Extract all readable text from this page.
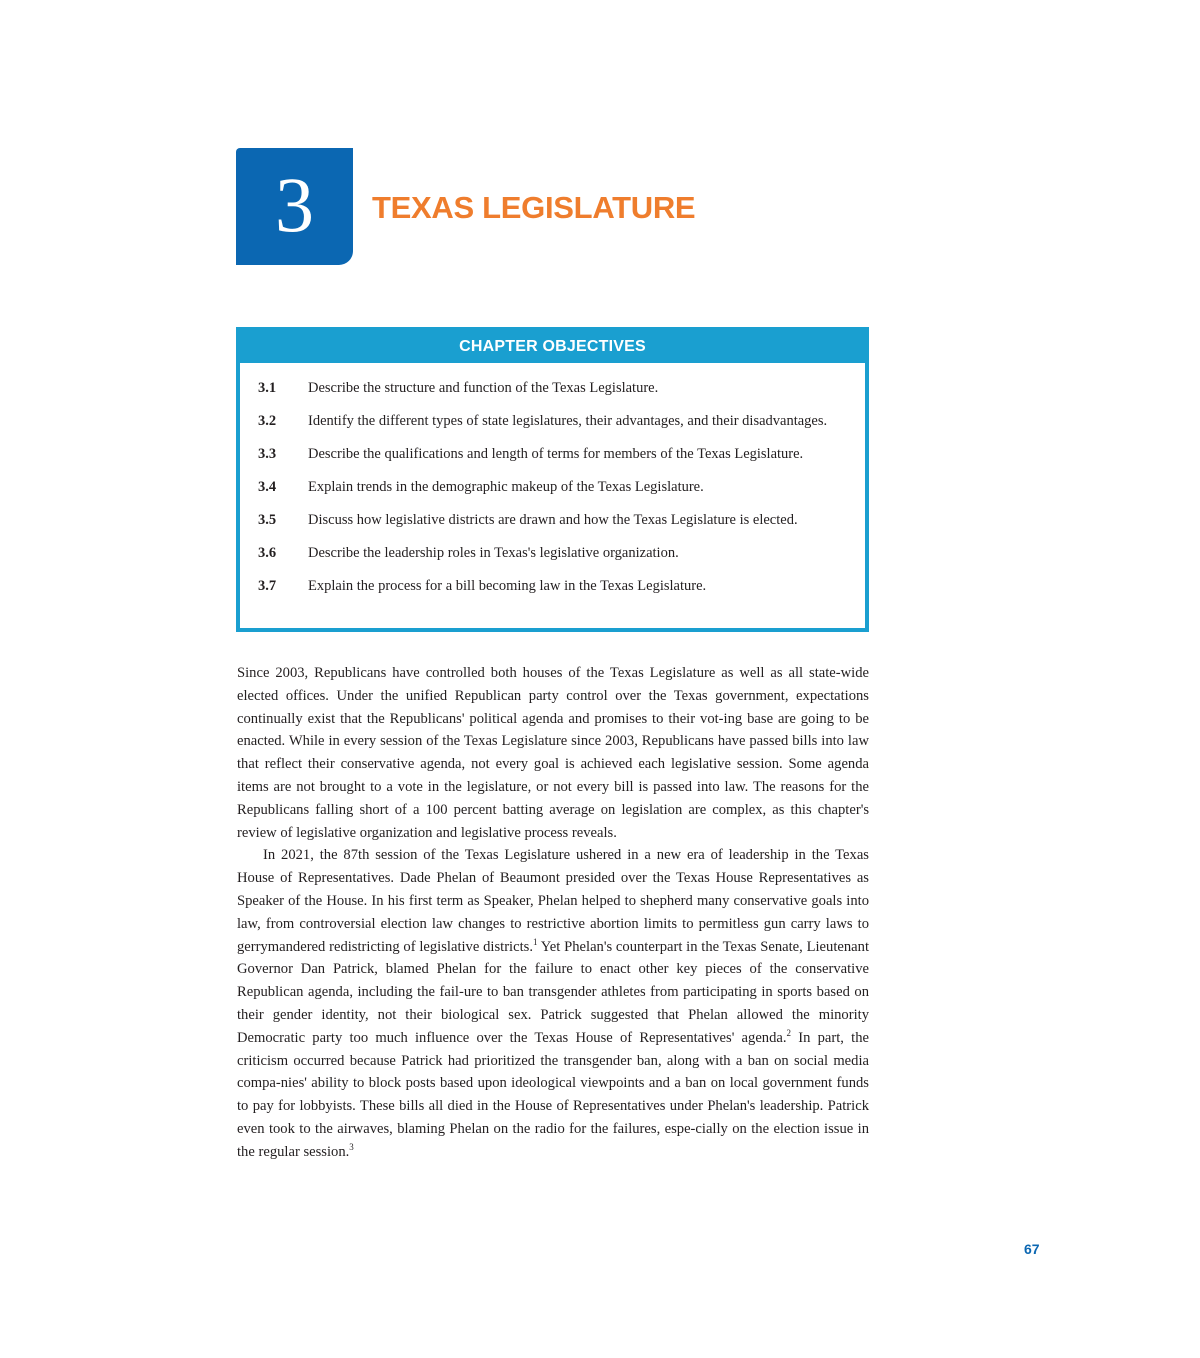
3 TEXAS LEGISLATURE
CHAPTER OBJECTIVES
3.1	Describe the structure and function of the Texas Legislature.
3.2	Identify the different types of state legislatures, their advantages, and their disadvantages.
3.3	Describe the qualifications and length of terms for members of the Texas Legislature.
3.4	Explain trends in the demographic makeup of the Texas Legislature.
3.5	Discuss how legislative districts are drawn and how the Texas Legislature is elected.
3.6	Describe the leadership roles in Texas's legislative organization.
3.7	Explain the process for a bill becoming law in the Texas Legislature.

Since 2003, Republicans have controlled both houses of the Texas Legislature as well as all state-wide elected offices. Under the unified Republican party control over the Texas government, expectations continually exist that the Republicans' political agenda and promises to their vot-ing base are going to be enacted. While in every session of the Texas Legislature since 2003, Republicans have passed bills into law that reflect their conservative agenda, not every goal is achieved each legislative session. Some agenda items are not brought to a vote in the legislature, or not every bill is passed into law. The reasons for the Republicans falling short of a 100 percent batting average on legislation are complex, as this chapter's review of legislative organization and legislative process reveals.

In 2021, the 87th session of the Texas Legislature ushered in a new era of leadership in the Texas House of Representatives. Dade Phelan of Beaumont presided over the Texas House Representatives as Speaker of the House. In his first term as Speaker, Phelan helped to shepherd many conservative goals into law, from controversial election law changes to restrictive abortion limits to permitless gun carry laws to gerrymandered redistricting of legislative districts.$^1$ Yet Phelan's counterpart in the Texas Senate, Lieutenant Governor Dan Patrick, blamed Phelan for the failure to enact other key pieces of the conservative Republican agenda, including the fail-ure to ban transgender athletes from participating in sports based on their gender identity, not their biological sex. Patrick suggested that Phelan allowed the minority Democratic party too much influence over the Texas House of Representatives' agenda.$^2$ In part, the criticism occurred because Patrick had prioritized the transgender ban, along with a ban on social media compa-nies' ability to block posts based upon ideological viewpoints and a ban on local government funds to pay for lobbyists. These bills all died in the House of Representatives under Phelan's leadership. Patrick even took to the airwaves, blaming Phelan on the radio for the failures, espe-cially on the election issue in the regular session.$^3$

67
